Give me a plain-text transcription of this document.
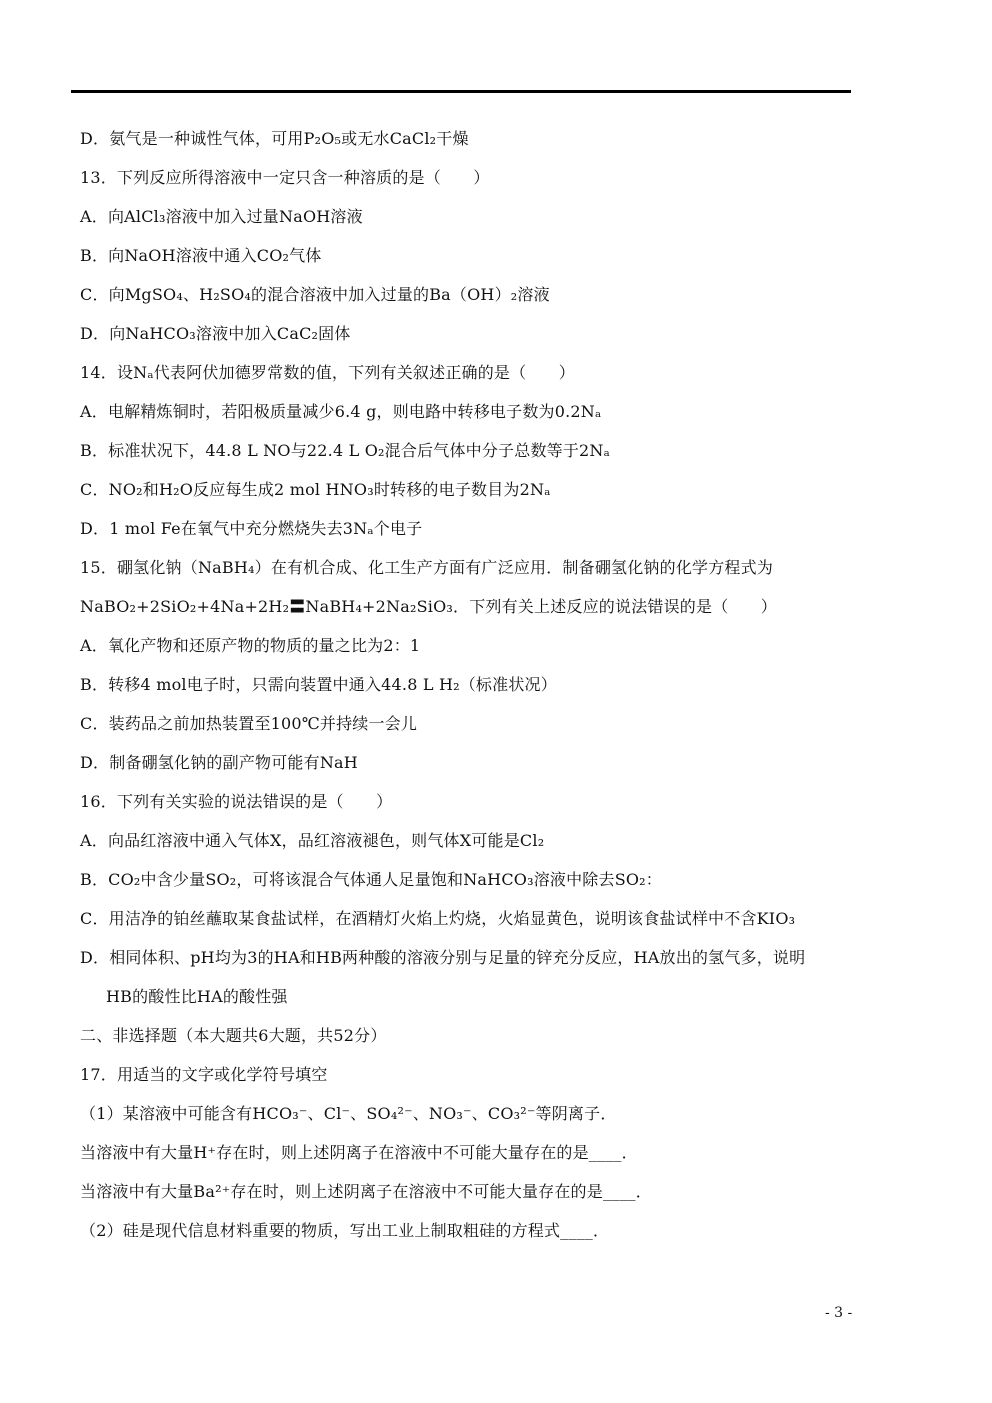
D．氨气是一种诚性气体，可用P₂O₅或无水CaCl₂干燥
13．下列反应所得溶液中一定只含一种溶质的是（　　）
A．向AlCl₃溶液中加入过量NaOH溶液
B．向NaOH溶液中通入CO₂气体
C．向MgSO₄、H₂SO₄的混合溶液中加入过量的Ba（OH）₂溶液
D．向NaHCO₃溶液中加入CaC₂固体
14．设Nₐ代表阿伏加德罗常数的值，下列有关叙述正确的是（　　）
A．电解精炼铜时，若阳极质量减少6.4 g，则电路中转移电子数为0.2Nₐ
B．标准状况下，44.8 L NO与22.4 L O₂混合后气体中分子总数等于2Nₐ
C．NO₂和H₂O反应每生成2 mol HNO₃时转移的电子数目为2Nₐ
D．1 mol Fe在氧气中充分燃烧失去3Nₐ个电子
15．硼氢化钠（NaBH₄）在有机合成、化工生产方面有广泛应用．制备硼氢化钠的化学方程式为
NaBO₂+2SiO₂+4Na+2H₂〓NaBH₄+2Na₂SiO₃．下列有关上述反应的说法错误的是（　　）
A．氧化产物和还原产物的物质的量之比为2：1
B．转移4 mol电子时，只需向装置中通入44.8 L H₂（标准状况）
C．装药品之前加热装置至100℃并持续一会儿
D．制备硼氢化钠的副产物可能有NaH
16．下列有关实验的说法错误的是（　　）
A．向品红溶液中通入气体X，品红溶液褪色，则气体X可能是Cl₂
B．CO₂中含少量SO₂，可将该混合气体通人足量饱和NaHCO₃溶液中除去SO₂：
C．用洁净的铂丝蘸取某食盐试样，在酒精灯火焰上灼烧，火焰显黄色，说明该食盐试样中不含KIO₃
D．相同体积、pH均为3的HA和HB两种酸的溶液分别与足量的锌充分反应，HA放出的氢气多，说明
HB的酸性比HA的酸性强
二、非选择题（本大题共6大题，共52分）
17．用适当的文字或化学符号填空
（1）某溶液中可能含有HCO₃⁻、Cl⁻、SO₄²⁻、NO₃⁻、CO₃²⁻等阴离子．
当溶液中有大量H⁺存在时，则上述阴离子在溶液中不可能大量存在的是____．
当溶液中有大量Ba²⁺存在时，则上述阴离子在溶液中不可能大量存在的是____．
（2）硅是现代信息材料重要的物质，写出工业上制取粗硅的方程式____．
- 3 -
